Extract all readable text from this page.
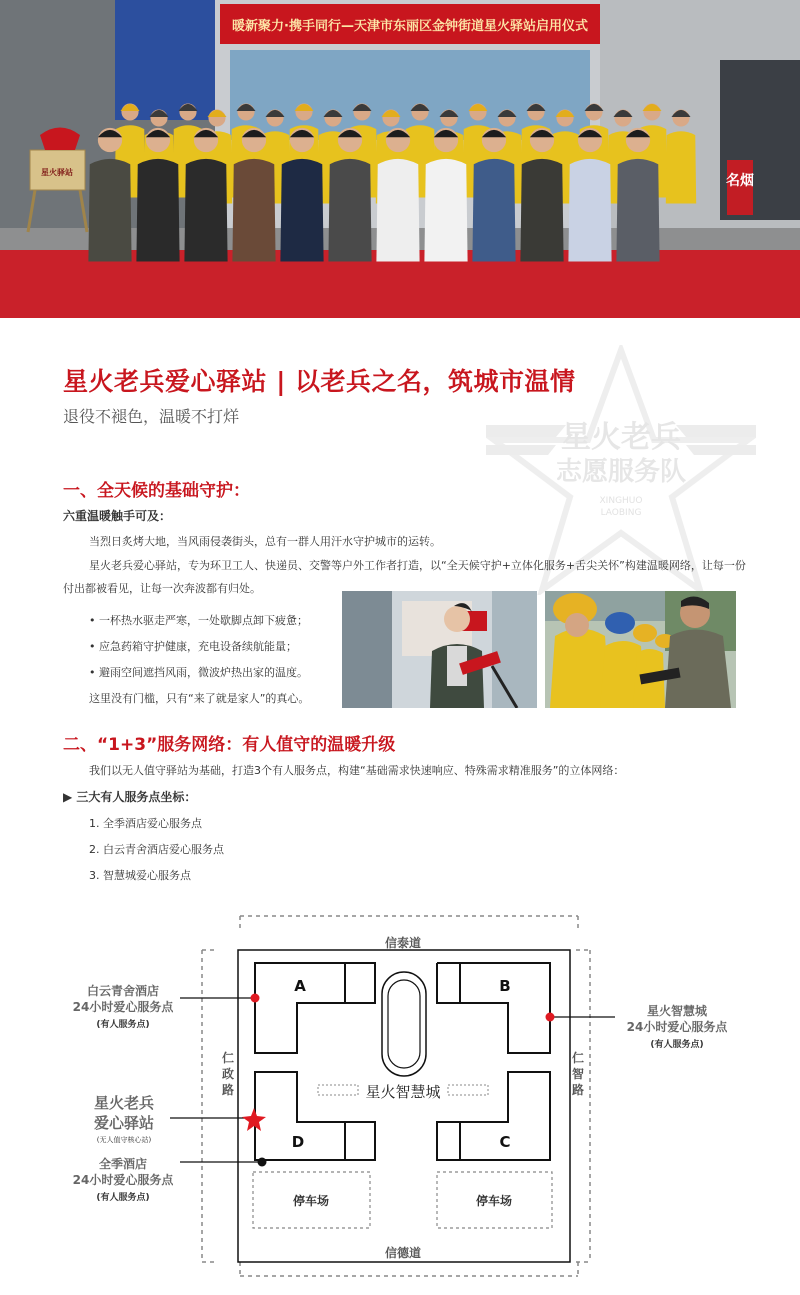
名烟
暖新聚力·携手同行—天津市东丽区金钟街道星火驿站启用仪式
星火驿站
星火老兵
志愿服务队
XINGHUO
LAOBING
星火老兵爱心驿站 | 以老兵之名，筑城市温情
退役不褪色，温暖不打烊
一、全天候的基础守护：
六重温暖触手可及：
当烈日炙烤大地，当风雨侵袭街头，总有一群人用汗水守护城市的运转。
星火老兵爱心驿站，专为环卫工人、快递员、交警等户外工作者打造，以“全天候守护+立体化服务+舌尖关怀”构建温暖网络，让每一份付出都被看见，让每一次奔波都有归处。
• 一杯热水驱走严寒，一处歇脚点卸下疲惫；
• 应急药箱守护健康，充电设备续航能量；
• 避雨空间遮挡风雨，微波炉热出家的温度。
这里没有门槛，只有“来了就是家人”的真心。
二、“1+3”服务网络：有人值守的温暖升级
我们以无人值守驿站为基础，打造3个有人服务点，构建“基础需求快速响应、特殊需求精准服务”的立体网络：
▶ 三大有人服务点坐标：
1. 全季酒店爱心服务点
2. 白云青舍酒店爱心服务点
3. 智慧城爱心服务点
信泰道
信德道
仁
政
路
仁
智
路
A	B
D	C
星火智慧城
停车场	停车场
白云青舍酒店
24小时爱心服务点
(有人服务点)
星火智慧城
24小时爱心服务点
(有人服务点)
星火老兵
爱心驿站
(无人值守核心站)
全季酒店
24小时爱心服务点
(有人服务点)
